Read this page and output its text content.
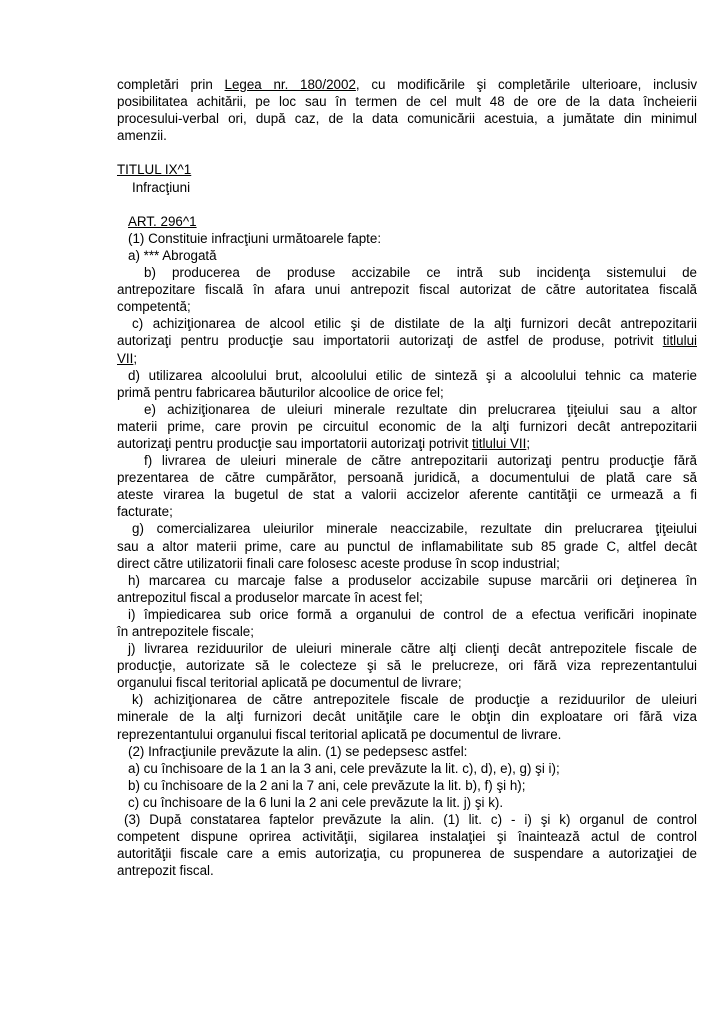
completări prin Legea nr. 180/2002, cu modificările şi completările ulterioare, inclusiv

posibilitatea achitării, pe loc sau în termen de cel mult 48 de ore de la data încheierii

procesului-verbal ori, după caz, de la data comunicării acestuia, a jumătate din minimul

amenzii.

TITLUL IX^1

Infracţiuni

ART. 296^1

(1) Constituie infracţiuni următoarele fapte:

a) *** Abrogată

b) producerea de produse accizabile ce intră sub incidenţa sistemului de

antrepozitare fiscală în afara unui antrepozit fiscal autorizat de către autoritatea fiscală

competentă;

c) achiziţionarea de alcool etilic şi de distilate de la alţi furnizori decât antrepozitarii

autorizaţi pentru producţie sau importatorii autorizaţi de astfel de produse, potrivit titlului

VII;

d) utilizarea alcoolului brut, alcoolului etilic de sinteză şi a alcoolului tehnic ca materie

primă pentru fabricarea băuturilor alcoolice de orice fel;

e) achiziţionarea de uleiuri minerale rezultate din prelucrarea ţiţeiului sau a altor

materii prime, care provin pe circuitul economic de la alţi furnizori decât antrepozitarii

autorizaţi pentru producţie sau importatorii autorizaţi potrivit titlului VII;

f) livrarea de uleiuri minerale de către antrepozitarii autorizaţi pentru producţie fără

prezentarea de către cumpărător, persoană juridică, a documentului de plată care să

ateste virarea la bugetul de stat a valorii accizelor aferente cantităţii ce urmează a fi

facturate;

g) comercializarea uleiurilor minerale neaccizabile, rezultate din prelucrarea ţiţeiului

sau a altor materii prime, care au punctul de inflamabilitate sub 85 grade C, altfel decât

direct către utilizatorii finali care folosesc aceste produse în scop industrial;

h) marcarea cu marcaje false a produselor accizabile supuse marcării ori deţinerea în

antrepozitul fiscal a produselor marcate în acest fel;

i) împiedicarea sub orice formă a organului de control de a efectua verificări inopinate

în antrepozitele fiscale;

j) livrarea reziduurilor de uleiuri minerale către alţi clienţi decât antrepozitele fiscale de

producţie, autorizate să le colecteze şi să le prelucreze, ori fără viza reprezentantului

organului fiscal teritorial aplicată pe documentul de livrare;

k) achiziţionarea de către antrepozitele fiscale de producţie a reziduurilor de uleiuri

minerale de la alţi furnizori decât unităţile care le obţin din exploatare ori fără viza

reprezentantului organului fiscal teritorial aplicată pe documentul de livrare.

(2) Infracţiunile prevăzute la alin. (1) se pedepsesc astfel:

a) cu închisoare de la 1 an la 3 ani, cele prevăzute la lit. c), d), e), g) şi i);

b) cu închisoare de la 2 ani la 7 ani, cele prevăzute la lit. b), f) şi h);

c) cu închisoare de la 6 luni la 2 ani cele prevăzute la lit. j) şi k).

(3) După constatarea faptelor prevăzute la alin. (1) lit. c) - i) şi k) organul de control

competent dispune oprirea activităţii, sigilarea instalaţiei şi înaintează actul de control

autorităţii fiscale care a emis autorizaţia, cu propunerea de suspendare a autorizaţiei de

antrepozit fiscal.
